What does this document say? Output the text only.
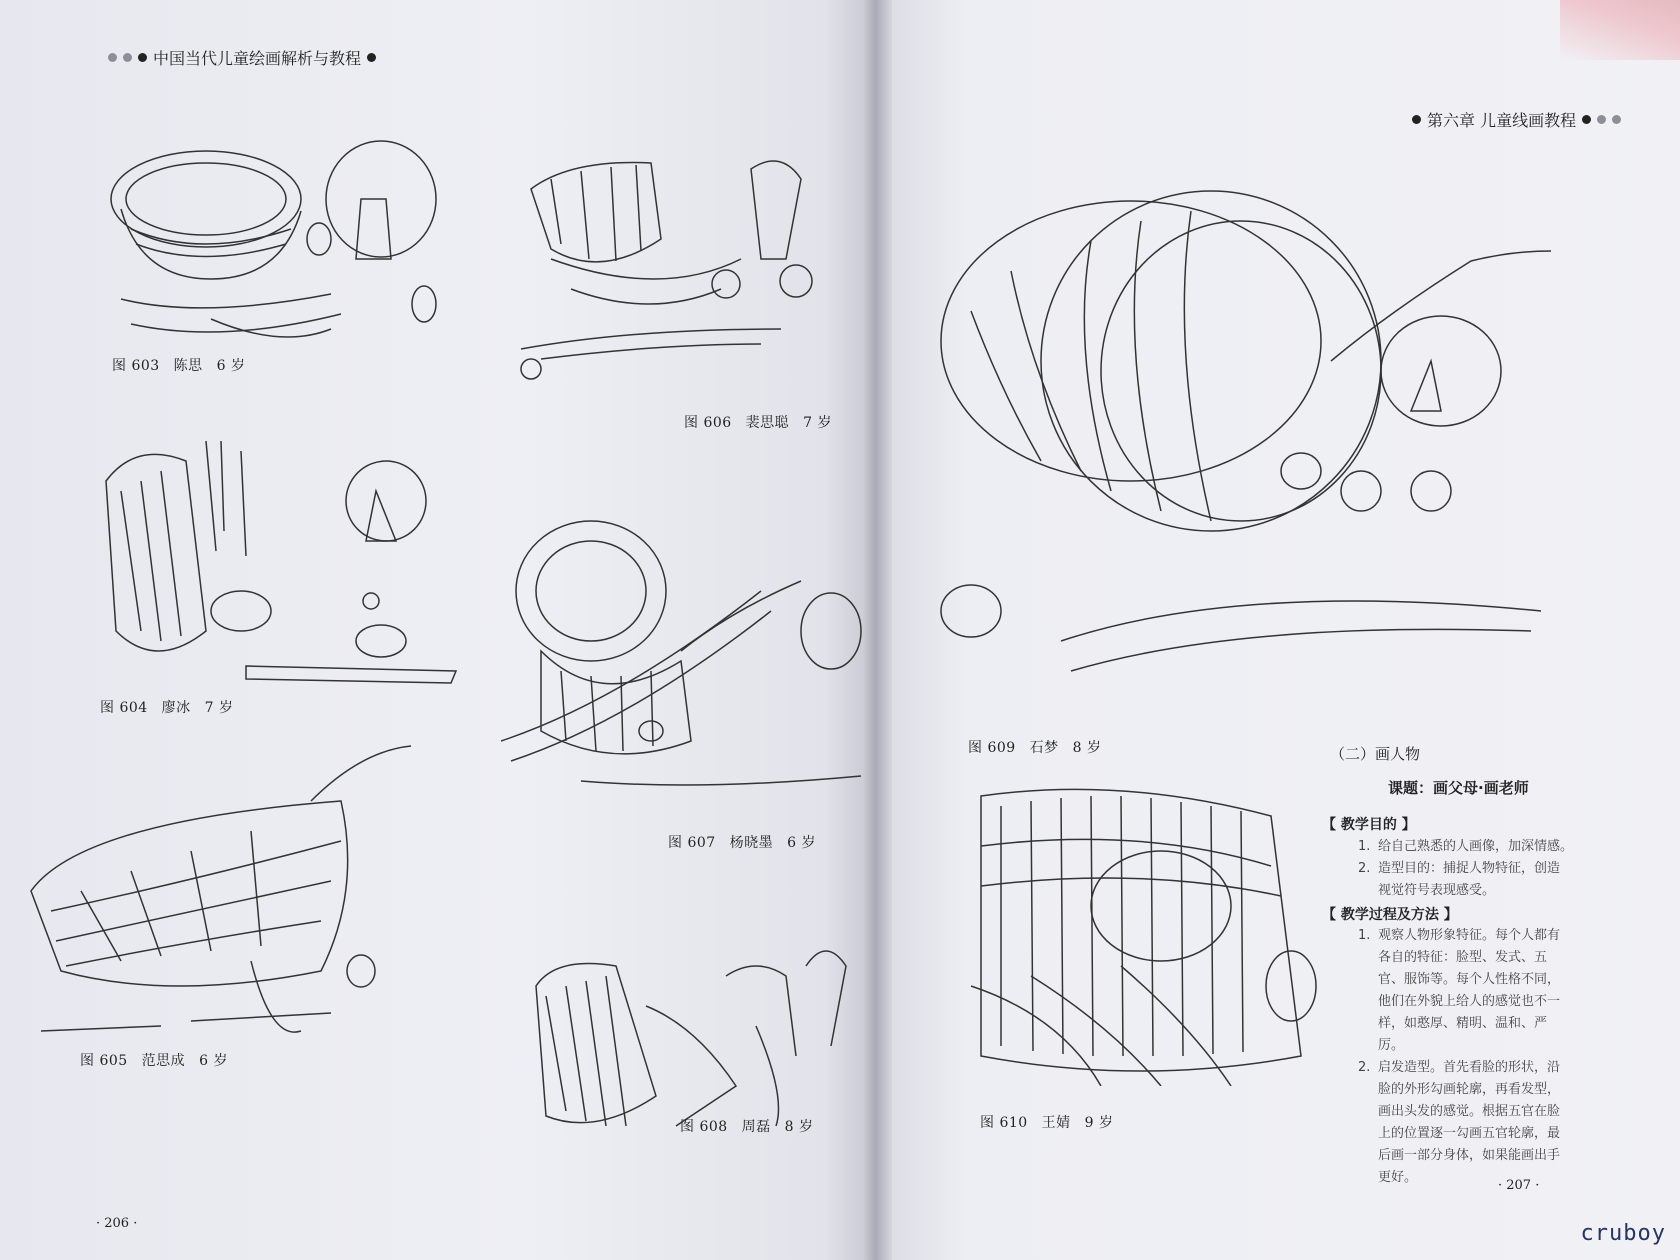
中国当代儿童绘画解析与教程
第六章 儿童线画教程
图 603 陈思 6 岁
图 606 裴思聪 7 岁
图 604 廖冰 7 岁
图 607 杨晓墨 6 岁
图 605 范思成 6 岁
图 608 周磊 8 岁
· 206 ·
图 609 石梦 8 岁
图 610 王婧 9 岁
（二）画人物
课题：画父母·画老师
【 教学目的 】
1. 给自己熟悉的人画像，加深情感。
2. 造型目的：捕捉人物特征，创造视觉符号表现感受。
【 教学过程及方法 】
1. 观察人物形象特征。每个人都有各自的特征：脸型、发式、五官、服饰等。每个人性格不同，他们在外貌上给人的感觉也不一样，如憨厚、精明、温和、严厉。
2. 启发造型。首先看脸的形状，沿脸的外形勾画轮廓，再看发型，画出头发的感觉。根据五官在脸上的位置逐一勾画五官轮廓，最后画一部分身体，如果能画出手更好。
· 207 ·
cruboy
